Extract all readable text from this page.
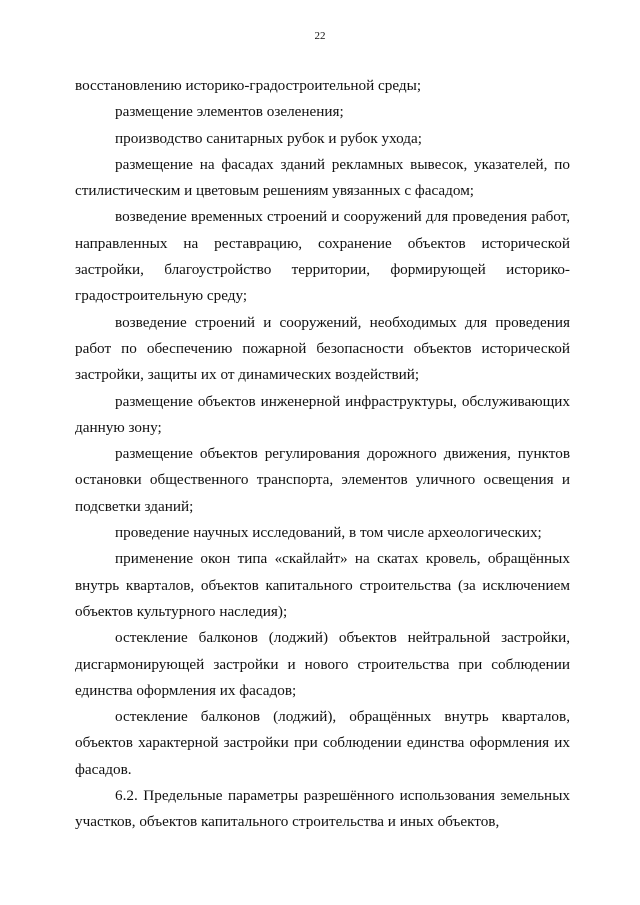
22

восстановлению историко-градостроительной среды;

размещение элементов озеленения;

производство санитарных рубок и рубок ухода;

размещение на фасадах зданий рекламных вывесок, указателей, по стилистическим и цветовым решениям увязанных с фасадом;

возведение временных строений и сооружений для проведения работ, направленных на реставрацию, сохранение объектов исторической застройки, благоустройство территории, формирующей историко-градостроительную среду;

возведение строений и сооружений, необходимых для проведения работ по обеспечению пожарной безопасности объектов исторической застройки, защиты их от динамических воздействий;

размещение объектов инженерной инфраструктуры, обслуживающих данную зону;

размещение объектов регулирования дорожного движения, пунктов остановки общественного транспорта, элементов уличного освещения и подсветки зданий;

проведение научных исследований, в том числе археологических;

применение окон типа «скайлайт» на скатах кровель, обращённых внутрь кварталов, объектов капитального строительства (за исключением объектов культурного наследия);

остекление балконов (лоджий) объектов нейтральной застройки, дисгармонирующей застройки и нового строительства при соблюдении единства оформления их фасадов;

остекление балконов (лоджий), обращённых внутрь кварталов, объектов характерной застройки при соблюдении единства оформления их фасадов.

6.2. Предельные параметры разрешённого использования земельных участков, объектов капитального строительства и иных объектов,
